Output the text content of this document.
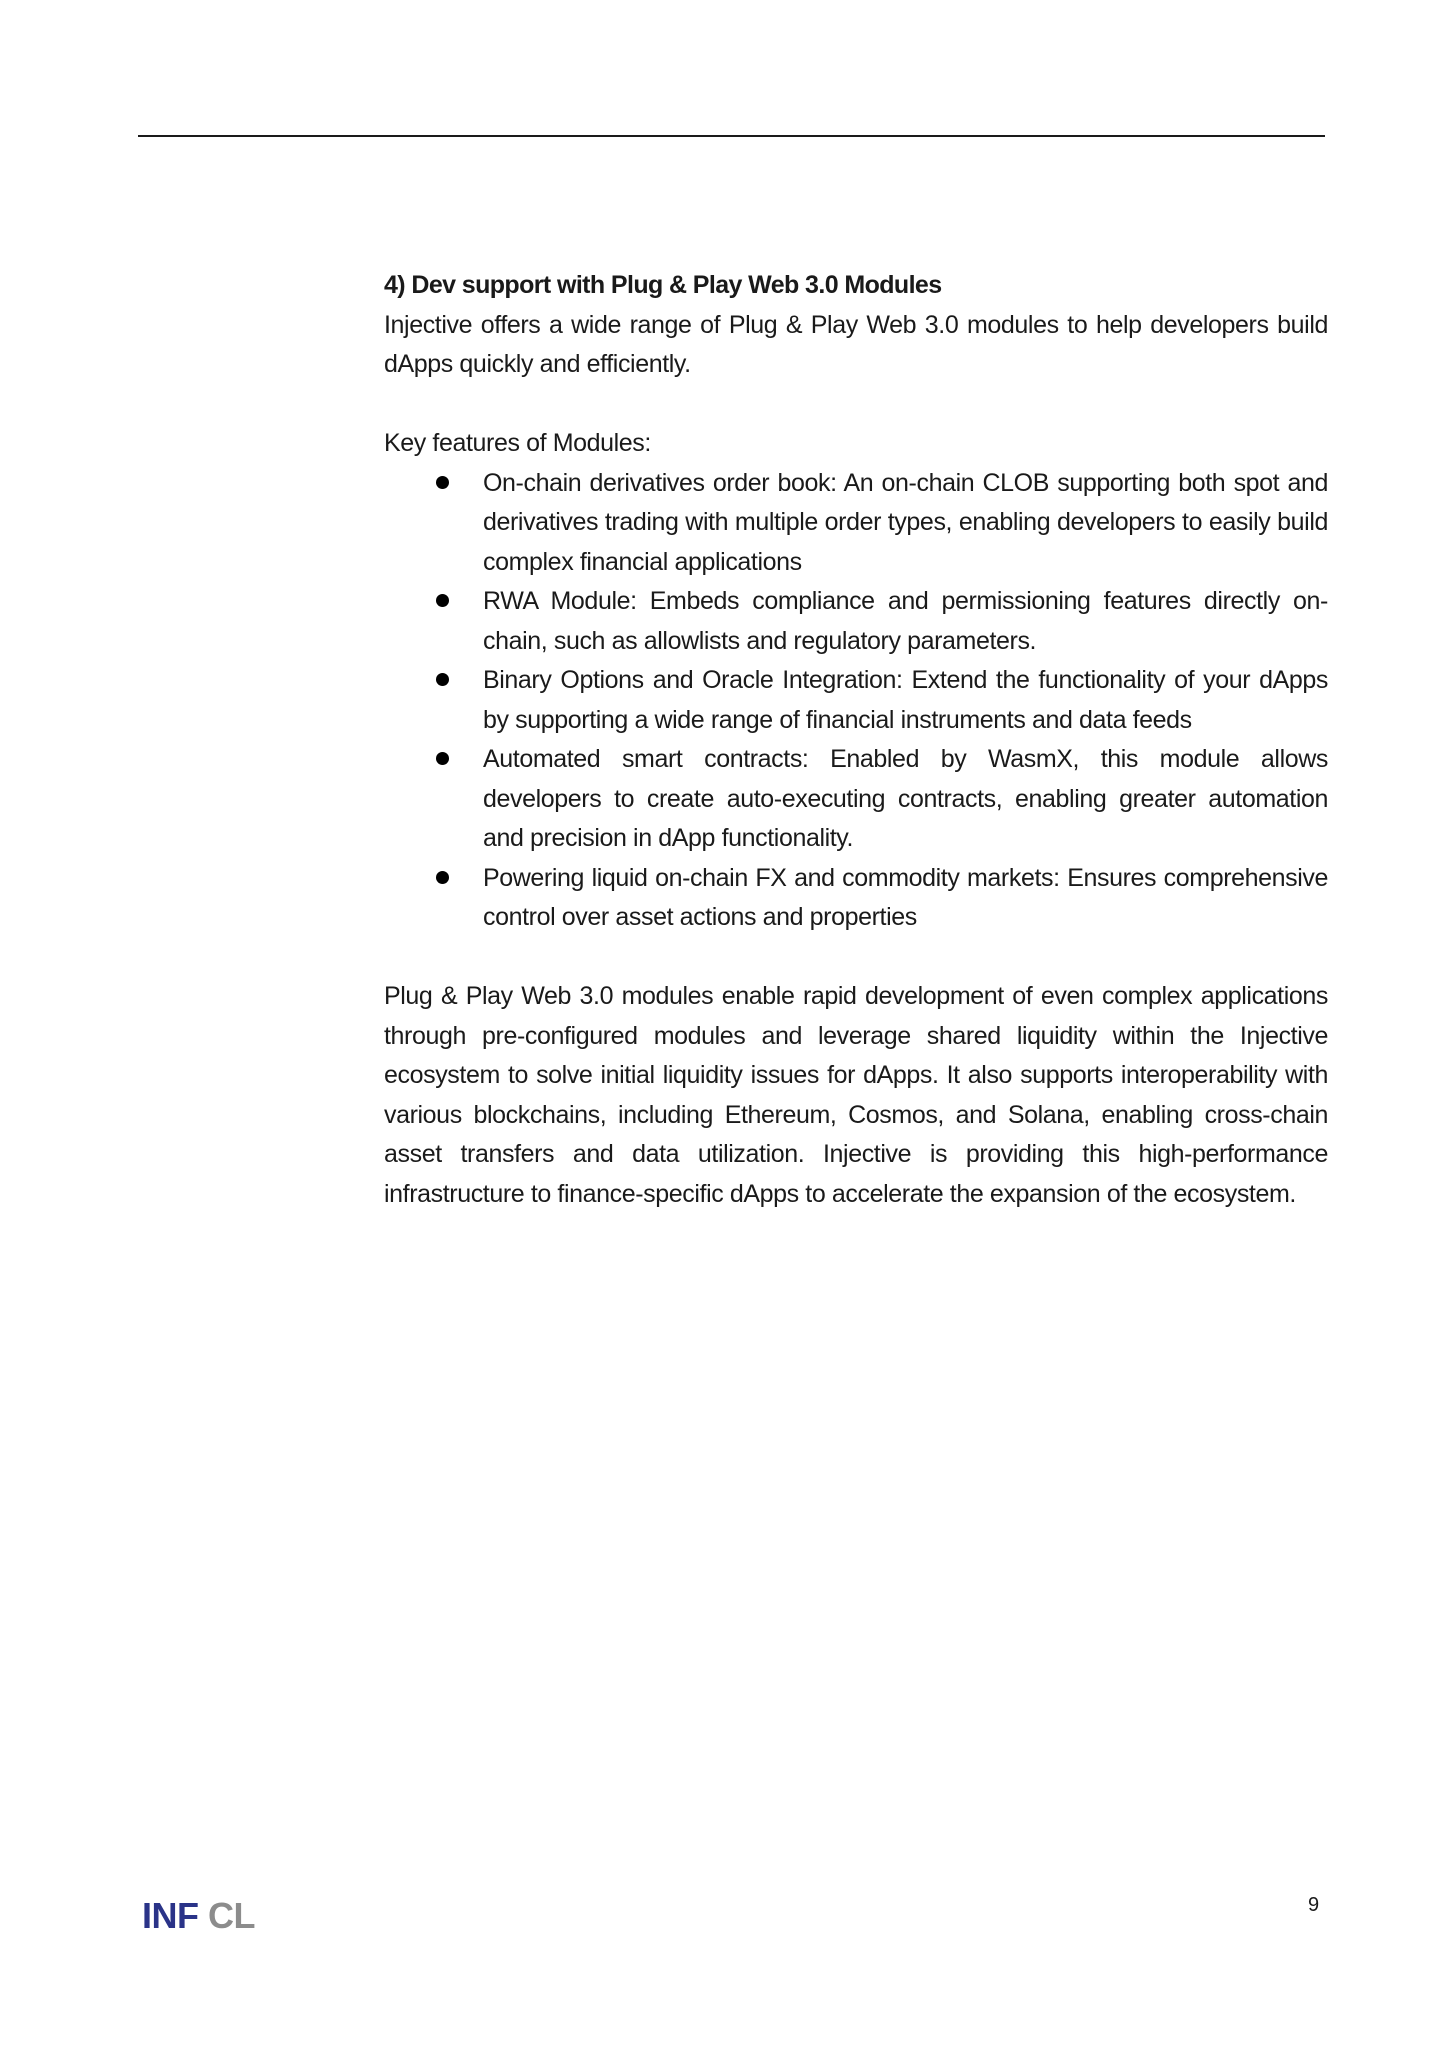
4) Dev support with Plug & Play Web 3.0 Modules

Injective offers a wide range of Plug & Play Web 3.0 modules to help developers build dApps quickly and efficiently.

Key features of Modules:

On-chain derivatives order book: An on-chain CLOB supporting both spot and derivatives trading with multiple order types, enabling developers to easily build complex financial applications
RWA Module: Embeds compliance and permissioning features directly on-chain, such as allowlists and regulatory parameters.
Binary Options and Oracle Integration: Extend the functionality of your dApps by supporting a wide range of financial instruments and data feeds
Automated smart contracts: Enabled by WasmX, this module allows developers to create auto-executing contracts, enabling greater automation and precision in dApp functionality.
Powering liquid on-chain FX and commodity markets: Ensures comprehensive control over asset actions and properties

Plug & Play Web 3.0 modules enable rapid development of even complex applications through pre-configured modules and leverage shared liquidity within the Injective ecosystem to solve initial liquidity issues for dApps. It also supports interoperability with various blockchains, including Ethereum, Cosmos, and Solana, enabling cross-chain asset transfers and data utilization. Injective is providing this high-performance infrastructure to finance-specific dApps to accelerate the expansion of the ecosystem.

INF CL	9
